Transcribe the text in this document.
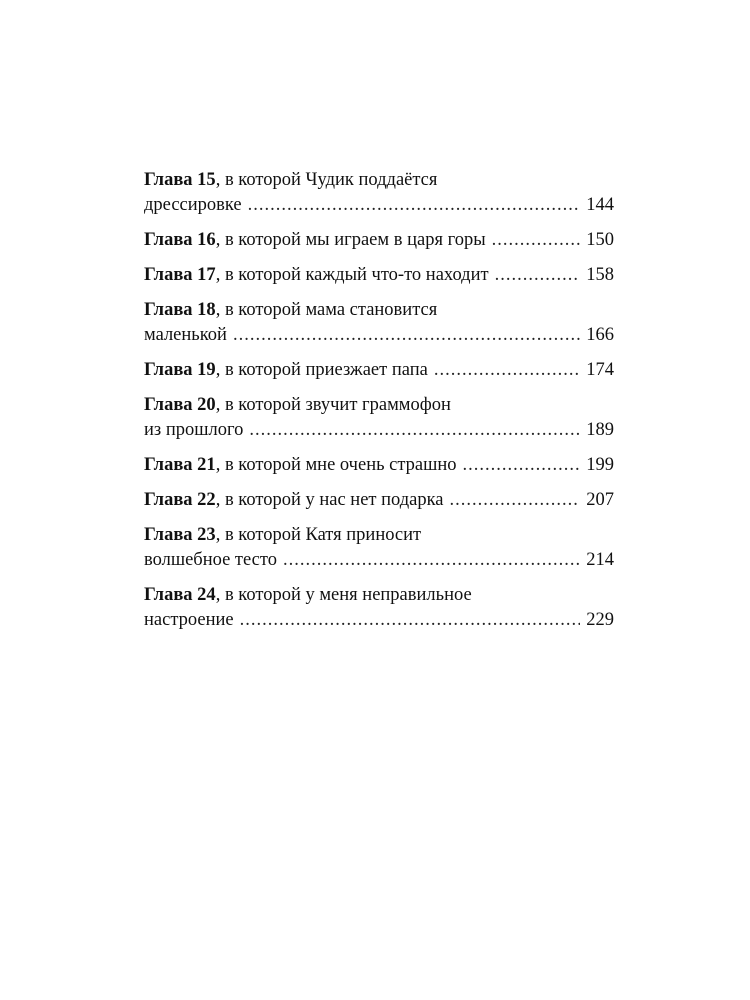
Глава 15 , в которой Чудик поддаётся
дрессировке .....	144
Глава 16 , в которой мы играем в царя горы .....	150
Глава 17 , в которой каждый что-то находит .....	158
Глава 18 , в которой мама становится
маленькой .....	166
Глава 19 , в которой приезжает папа .....	174
Глава 20 , в которой звучит граммофон
из прошлого .....	189
Глава 21 , в которой мне очень страшно .....	199
Глава 22 , в которой у нас нет подарка .....	207
Глава 23 , в которой Катя приносит
волшебное тесто .....	214
Глава 24 , в которой у меня неправильное
настроение .....	229
